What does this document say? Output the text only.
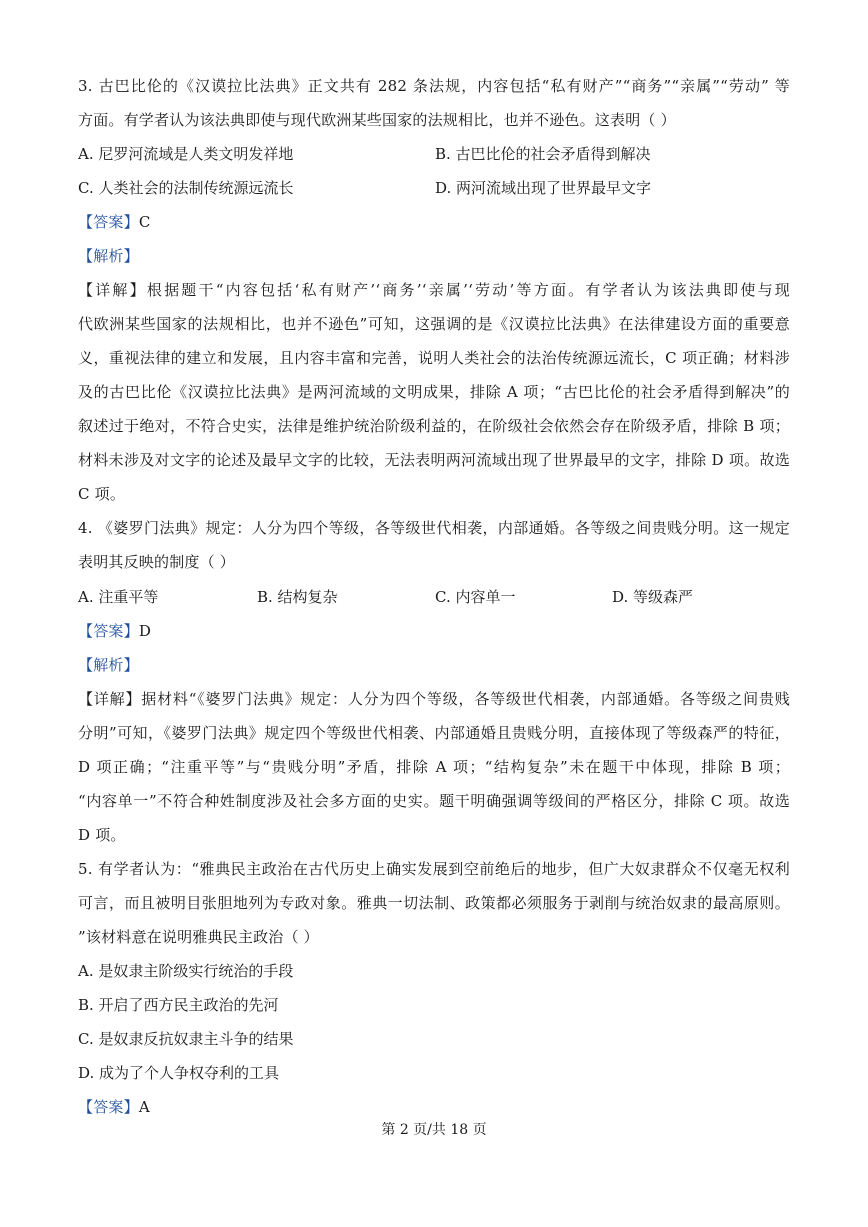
3. 古巴比伦的《汉谟拉比法典》正文共有 282 条法规，内容包括“私有财产”“商务”“亲属”“劳动” 等
方面。有学者认为该法典即使与现代欧洲某些国家的法规相比，也并不逊色。这表明（ ）
A. 尼罗河流域是人类文明发祥地	B. 古巴比伦的社会矛盾得到解决
C. 人类社会的法制传统源远流长	D. 两河流域出现了世界最早文字
【答案】C
【解析】
【详解】根据题干“内容包括‘私有财产’‘商务’‘亲属’‘劳动’等方面。有学者认为该法典即使与现
代欧洲某些国家的法规相比，也并不逊色”可知，这强调的是《汉谟拉比法典》在法律建设方面的重要意
义，重视法律的建立和发展，且内容丰富和完善，说明人类社会的法治传统源远流长，C 项正确；材料涉
及的古巴比伦《汉谟拉比法典》是两河流域的文明成果，排除 A 项；“古巴比伦的社会矛盾得到解决”的
叙述过于绝对，不符合史实，法律是维护统治阶级利益的，在阶级社会依然会存在阶级矛盾，排除 B 项；
材料未涉及对文字的论述及最早文字的比较，无法表明两河流域出现了世界最早的文字，排除 D 项。故选
C 项。
4. 《婆罗门法典》规定：人分为四个等级，各等级世代相袭，内部通婚。各等级之间贵贱分明。这一规定
表明其反映的制度（ ）
A. 注重平等	B. 结构复杂	C. 内容单一	D. 等级森严
【答案】D
【解析】
【详解】据材料“《婆罗门法典》规定：人分为四个等级，各等级世代相袭，内部通婚。各等级之间贵贱
分明”可知，《婆罗门法典》规定四个等级世代相袭、内部通婚且贵贱分明，直接体现了等级森严的特征，
D 项正确；“注重平等”与“贵贱分明”矛盾，排除 A 项；“结构复杂”未在题干中体现，排除 B 项；
“内容单一”不符合种姓制度涉及社会多方面的史实。题干明确强调等级间的严格区分，排除 C 项。故选
D 项。
5. 有学者认为：“雅典民主政治在古代历史上确实发展到空前绝后的地步，但广大奴隶群众不仅毫无权利
可言，而且被明目张胆地列为专政对象。雅典一切法制、政策都必须服务于剥削与统治奴隶的最高原则。
”该材料意在说明雅典民主政治（ ）
A. 是奴隶主阶级实行统治的手段
B. 开启了西方民主政治的先河
C. 是奴隶反抗奴隶主斗争的结果
D. 成为了个人争权夺利的工具
【答案】A
第 2 页/共 18 页
